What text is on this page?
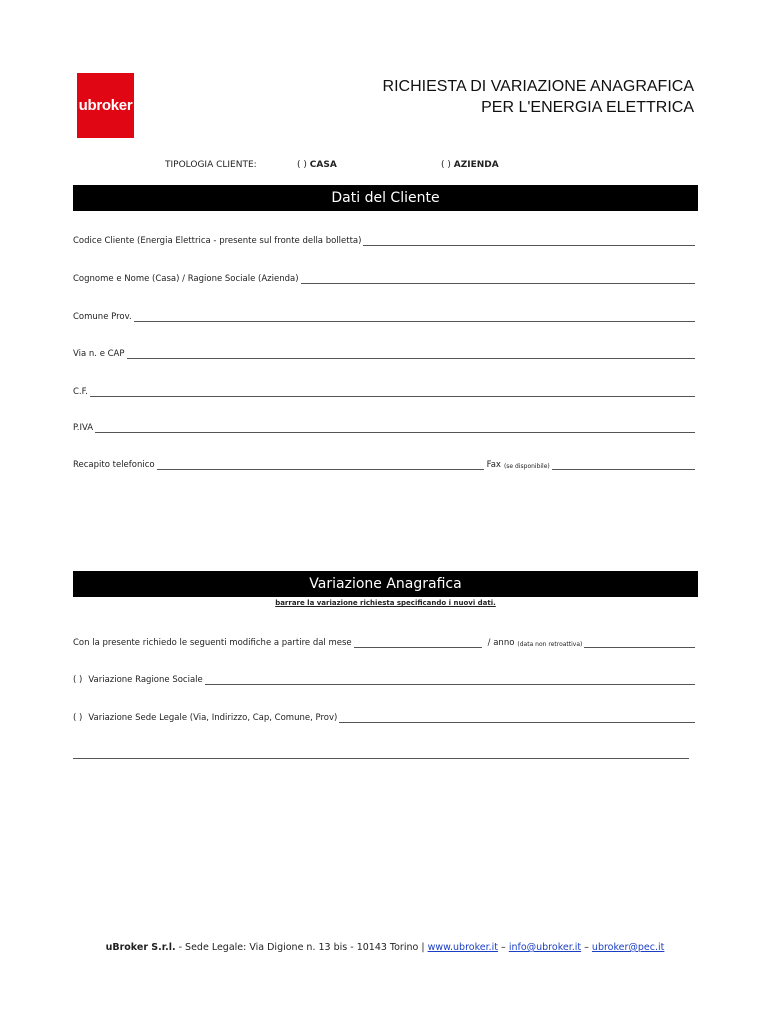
ubroker
RICHIESTA DI VARIAZIONE ANAGRAFICA
PER L'ENERGIA ELETTRICA
TIPOLOGIA CLIENTE:	( ) CASA	( ) AZIENDA
Dati del Cliente
Codice Cliente (Energia Elettrica - presente sul fronte della bolletta)
Cognome e Nome (Casa) / Ragione Sociale (Azienda)
Comune Prov.
Via n. e CAP
C.F.
P.IVA
Recapito telefonico	Fax (se disponibile)
Variazione Anagrafica
barrare la variazione richiesta specificando i nuovi dati.
Con la presente richiedo le seguenti modifiche a partire dal mese	/ anno (data non retroattiva)
( ) Variazione Ragione Sociale
( ) Variazione Sede Legale (Via, Indirizzo, Cap, Comune, Prov)
uBroker S.r.l. - Sede Legale: Via Digione n. 13 bis - 10143 Torino | www.ubroker.it – info@ubroker.it – ubroker@pec.it
